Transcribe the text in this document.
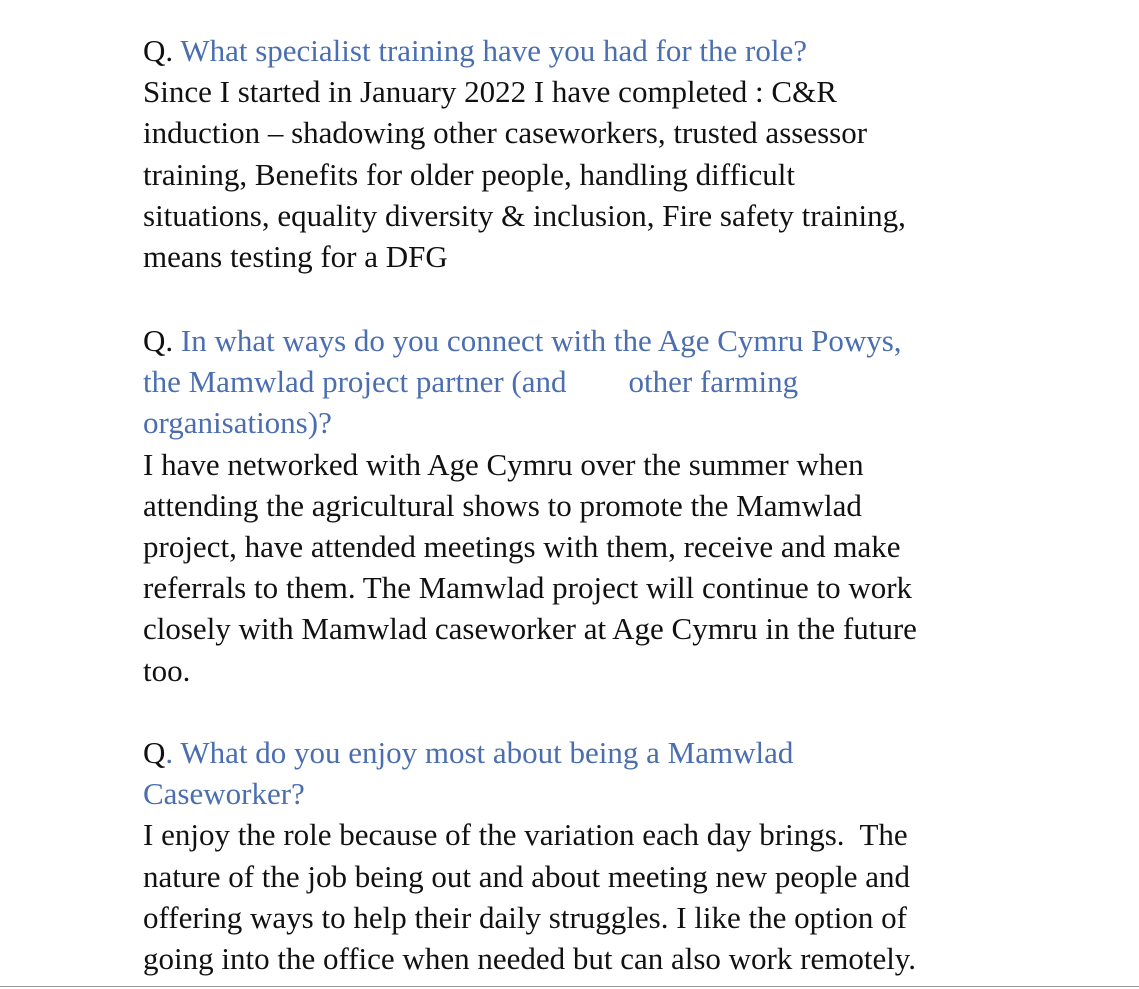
Q. What specialist training have you had for the role?
Since I started in January 2022 I have completed : C&R
induction – shadowing other caseworkers, trusted assessor
training, Benefits for older people, handling difficult
situations, equality diversity & inclusion, Fire safety training,
means testing for a DFG
Q. In what ways do you connect with the Age Cymru Powys,
the Mamwlad project partner (and        other farming
organisations)?
I have networked with Age Cymru over the summer when
attending the agricultural shows to promote the Mamwlad
project, have attended meetings with them, receive and make
referrals to them. The Mamwlad project will continue to work
closely with Mamwlad caseworker at Age Cymru in the future
too.
Q. What do you enjoy most about being a Mamwlad
Caseworker?
I enjoy the role because of the variation each day brings.  The
nature of the job being out and about meeting new people and
offering ways to help their daily struggles. I like the option of
going into the office when needed but can also work remotely.
